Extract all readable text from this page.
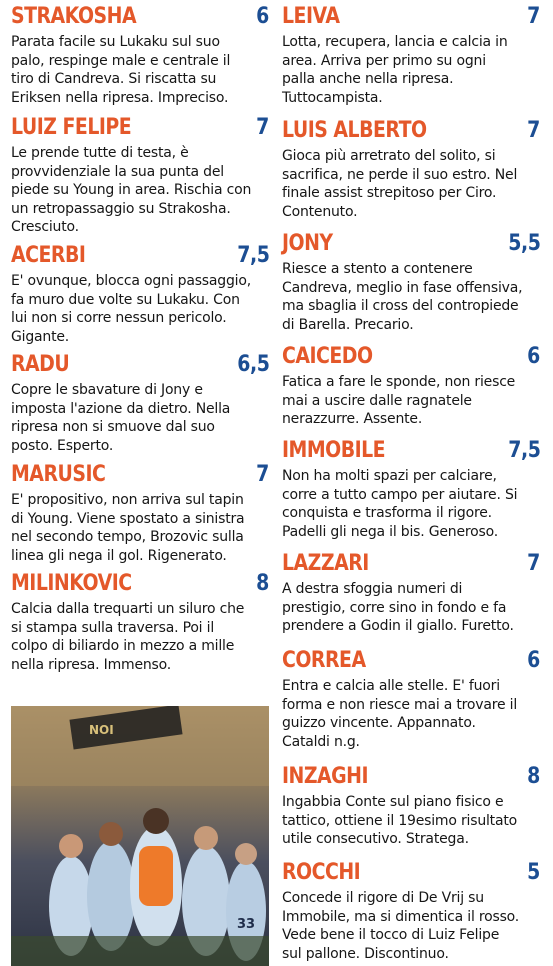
STRAKOSHA	6
Parata facile su Lukaku sul suo
palo, respinge male e centrale il
tiro di Candreva. Si riscatta su
Eriksen nella ripresa. Impreciso.
LUIZ FELIPE	7
Le prende tutte di testa, è
provvidenziale la sua punta del
piede su Young in area. Rischia con
un retropassaggio su Strakosha.
Cresciuto.
ACERBI	7,5
E' ovunque, blocca ogni passaggio,
fa muro due volte su Lukaku. Con
lui non si corre nessun pericolo.
Gigante.
RADU	6,5
Copre le sbavature di Jony e
imposta l'azione da dietro. Nella
ripresa non si smuove dal suo
posto. Esperto.
MARUSIC	7
E' propositivo, non arriva sul tapin
di Young. Viene spostato a sinistra
nel secondo tempo, Brozovic sulla
linea gli nega il gol. Rigenerato.
MILINKOVIC	8
Calcia dalla trequarti un siluro che
si stampa sulla traversa. Poi il
colpo di biliardo in mezzo a mille
nella ripresa. Immenso.
LEIVA	7
Lotta, recupera, lancia e calcia in
area. Arriva per primo su ogni
palla anche nella ripresa.
Tuttocampista.
LUIS ALBERTO	7
Gioca più arretrato del solito, si
sacrifica, ne perde il suo estro. Nel
finale assist strepitoso per Ciro.
Contenuto.
JONY	5,5
Riesce a stento a contenere
Candreva, meglio in fase offensiva,
ma sbaglia il cross del contropiede
di Barella. Precario.
CAICEDO	6
Fatica a fare le sponde, non riesce
mai a uscire dalle ragnatele
nerazzurre. Assente.
IMMOBILE	7,5
Non ha molti spazi per calciare,
corre a tutto campo per aiutare. Si
conquista e trasforma il rigore.
Padelli gli nega il bis. Generoso.
LAZZARI	7
A destra sfoggia numeri di
prestigio, corre sino in fondo e fa
prendere a Godin il giallo. Furetto.
CORREA	6
Entra e calcia alle stelle. E' fuori
forma e non riesce mai a trovare il
guizzo vincente. Appannato.
Cataldi n.g.
INZAGHI	8
Ingabbia Conte sul piano fisico e
tattico, ottiene il 19esimo risultato
utile consecutivo. Stratega.
ROCCHI	5
Concede il rigore di De Vrij su
Immobile, ma si dimentica il rosso.
Vede bene il tocco di Luiz Felipe
sul pallone. Discontinuo.
NOI
33
